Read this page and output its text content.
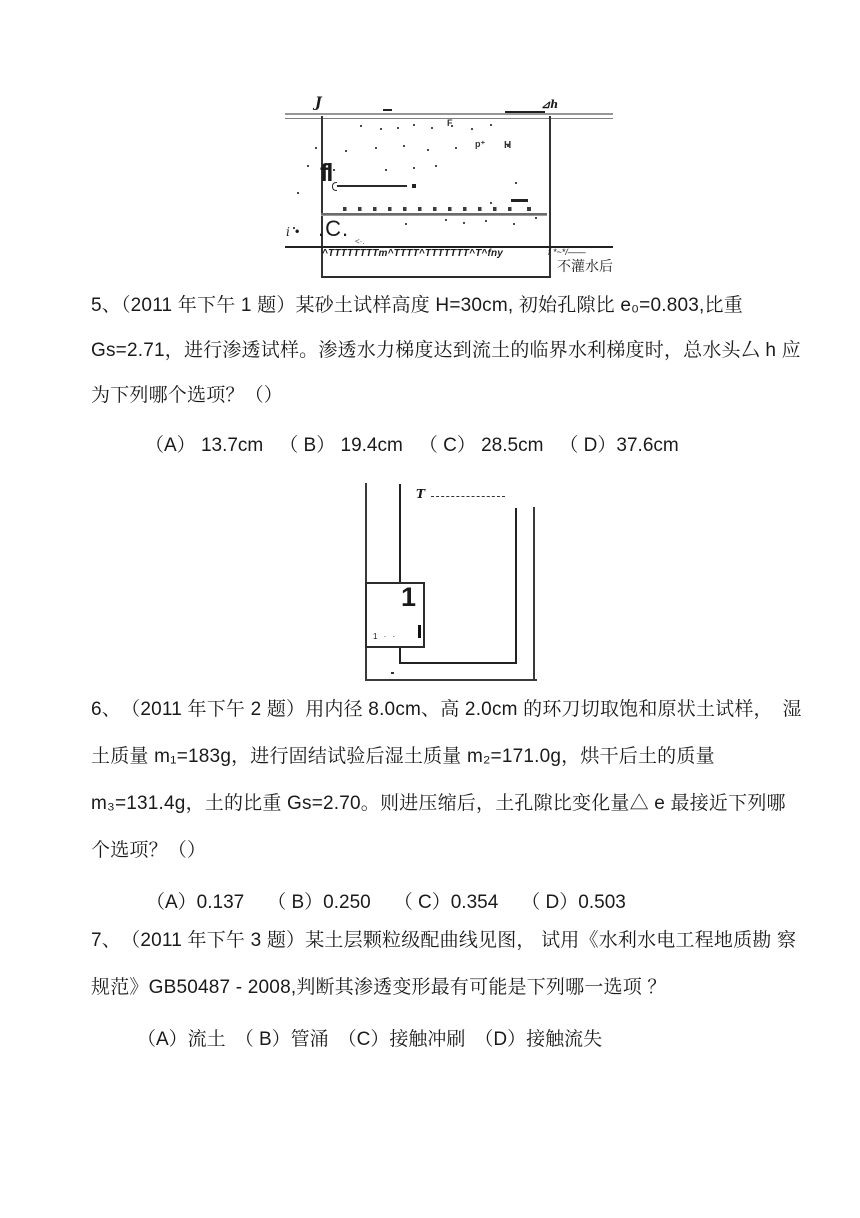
J	⊿h
F
p⁺ H
fl
i • .C.
<·.
^TTTTTTTTm^TTTT^TTTTTTT^T^fny	f *~*/——
不灌水后

5、（2011 年下午 1 题）某砂土试样高度 H=30cm, 初始孔隙比 e₀=0.803,比重

Gs=2.71，进行渗透试样。渗透水力梯度达到流土的临界水利梯度时，总水头厶 h 应

为下列哪个选项？（）

（A） 13.7cm （ B） 19.4cm （ C） 28.5cm （ D）37.6cm
T
1
1 · ·

6、　（2011 年下午 2 题）用内径 8.0cm、高 2.0cm 的环刀切取饱和原状土试样，　湿

土质量 m₁=183g，进行固结试验后湿土质量 m₂=171.0g，烘干后土的质量

m₃=131.4g，土的比重 Gs=2.70。则进压缩后，土孔隙比变化量△ e 最接近下列哪

个选项？（）

（A）0.137 （ B）0.250 （ C）0.354 （ D）0.503

7、　（2011 年下午 3 题）某土层颗粒级配曲线见图， 试用《水利水电工程地质勘 察

规范》GB50487 - 2008,判断其渗透变形最有可能是下列哪一选项 ？

（A）流土 （ B）管涌 （C）接触冲刷 （D）接触流失
